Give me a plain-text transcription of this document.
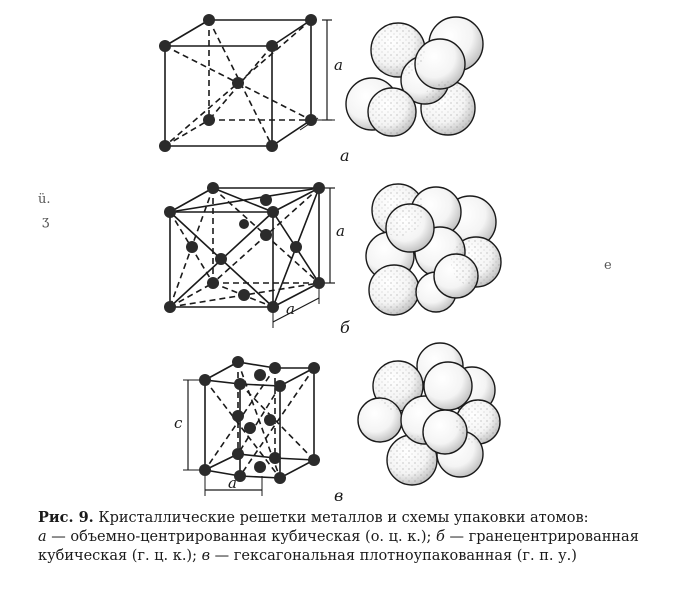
а
б
в
a
a
a
c
a
ü.
ʒ
e
Рис. 9. Кристаллические решетки металлов и схемы упаковки атомов:
а — объемно-центрированная кубическая (о. ц. к.); б — гранецентрированная
кубическая (г. ц. к.); в — гексагональная плотноупакованная (г. п. у.)
